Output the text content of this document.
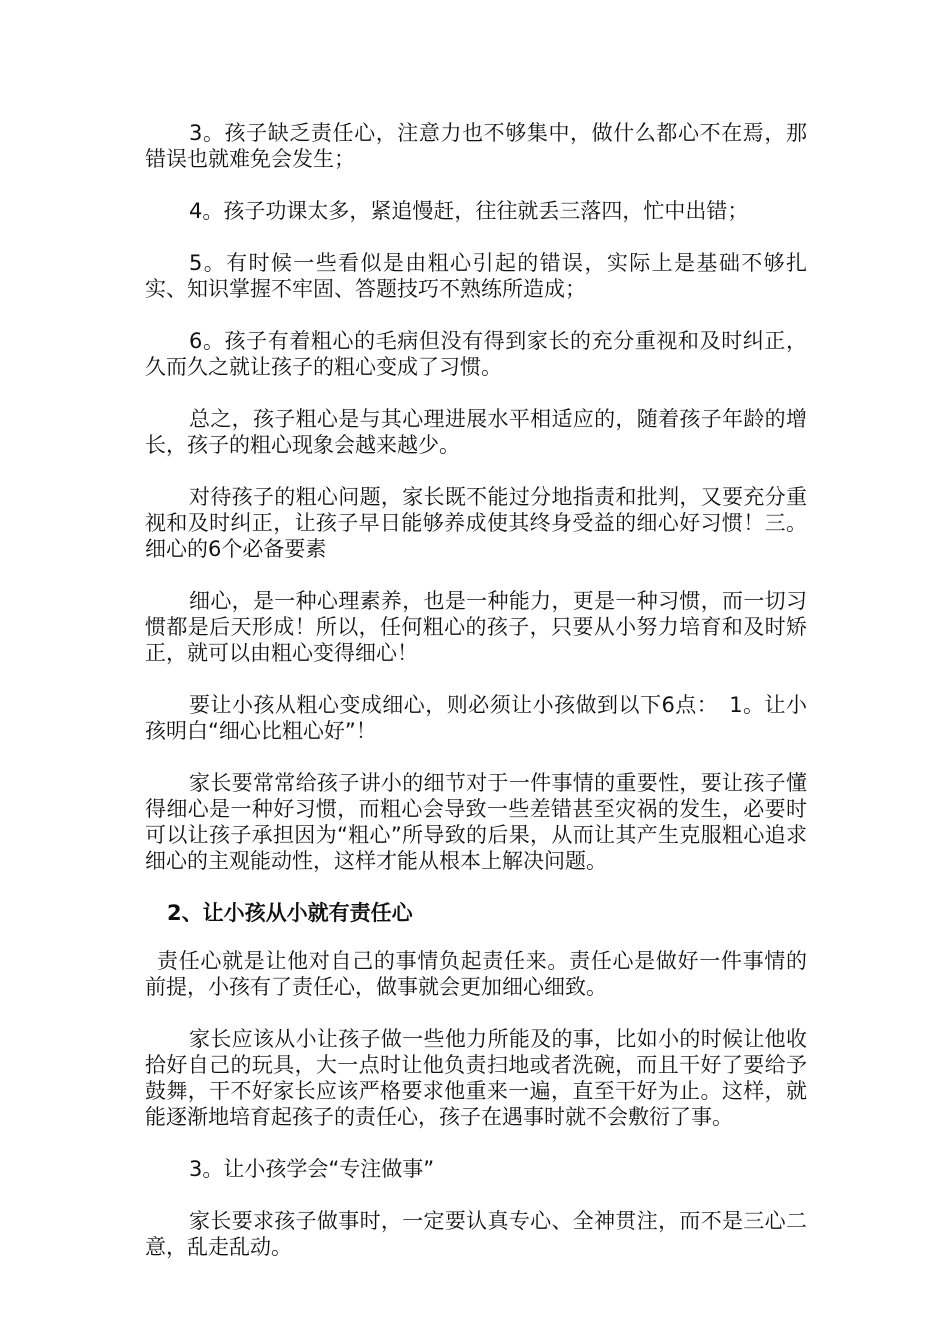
3。孩子缺乏责任心，注意力也不够集中，做什么都心不在焉，那错误也就难免会发生；

4。孩子功课太多，紧追慢赶，往往就丢三落四，忙中出错；

5。有时候一些看似是由粗心引起的错误，实际上是基础不够扎实、知识掌握不牢固、答题技巧不熟练所造成；

6。孩子有着粗心的毛病但没有得到家长的充分重视和及时纠正，久而久之就让孩子的粗心变成了习惯。

总之，孩子粗心是与其心理进展水平相适应的，随着孩子年龄的增长，孩子的粗心现象会越来越少。

对待孩子的粗心问题，家长既不能过分地指责和批判，又要充分重视和及时纠正，让孩子早日能够养成使其终身受益的细心好习惯！三。细心的6个必备要素

细心，是一种心理素养，也是一种能力，更是一种习惯，而一切习惯都是后天形成！所以，任何粗心的孩子，只要从小努力培育和及时矫正，就可以由粗心变得细心！

要让小孩从粗心变成细心，则必须让小孩做到以下6点：　1。让小孩明白“细心比粗心好”！

家长要常常给孩子讲小的细节对于一件事情的重要性，要让孩子懂得细心是一种好习惯，而粗心会导致一些差错甚至灾祸的发生，必要时可以让孩子承担因为“粗心”所导致的后果，从而让其产生克服粗心追求细心的主观能动性，这样才能从根本上解决问题。

2、让小孩从小就有责任心

责任心就是让他对自己的事情负起责任来。责任心是做好一件事情的前提，小孩有了责任心，做事就会更加细心细致。

家长应该从小让孩子做一些他力所能及的事，比如小的时候让他收拾好自己的玩具，大一点时让他负责扫地或者洗碗，而且干好了要给予鼓舞，干不好家长应该严格要求他重来一遍，直至干好为止。这样，就能逐渐地培育起孩子的责任心，孩子在遇事时就不会敷衍了事。

3。让小孩学会“专注做事”

家长要求孩子做事时，一定要认真专心、全神贯注，而不是三心二意，乱走乱动。
